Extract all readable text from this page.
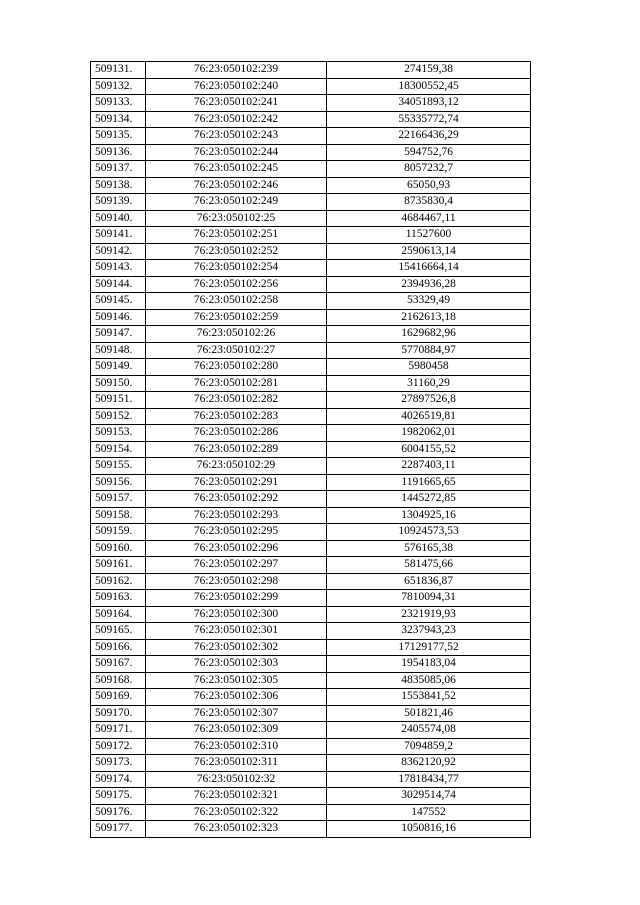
509131.	76:23:050102:239	274159,38
509132.	76:23:050102:240	18300552,45
509133.	76:23:050102:241	34051893,12
509134.	76:23:050102:242	55335772,74
509135.	76:23:050102:243	22166436,29
509136.	76:23:050102:244	594752,76
509137.	76:23:050102:245	8057232,7
509138.	76:23:050102:246	65050,93
509139.	76:23:050102:249	8735830,4
509140.	76:23:050102:25	4684467,11
509141.	76:23:050102:251	11527600
509142.	76:23:050102:252	2590613,14
509143.	76:23:050102:254	15416664,14
509144.	76:23:050102:256	2394936,28
509145.	76:23:050102:258	53329,49
509146.	76:23:050102:259	2162613,18
509147.	76:23:050102:26	1629682,96
509148.	76:23:050102:27	5770884,97
509149.	76:23:050102:280	5980458
509150.	76:23:050102:281	31160,29
509151.	76:23:050102:282	27897526,8
509152.	76:23:050102:283	4026519,81
509153.	76:23:050102:286	1982062,01
509154.	76:23:050102:289	6004155,52
509155.	76:23:050102:29	2287403,11
509156.	76:23:050102:291	1191665,65
509157.	76:23:050102:292	1445272,85
509158.	76:23:050102:293	1304925,16
509159.	76:23:050102:295	10924573,53
509160.	76:23:050102:296	576165,38
509161.	76:23:050102:297	581475,66
509162.	76:23:050102:298	651836,87
509163.	76:23:050102:299	7810094,31
509164.	76:23:050102:300	2321919,93
509165.	76:23:050102:301	3237943,23
509166.	76:23:050102:302	17129177,52
509167.	76:23:050102:303	1954183,04
509168.	76:23:050102:305	4835085,06
509169.	76:23:050102:306	1553841,52
509170.	76:23:050102:307	501821,46
509171.	76:23:050102:309	2405574,08
509172.	76:23:050102:310	7094859,2
509173.	76:23:050102:311	8362120,92
509174.	76:23:050102:32	17818434,77
509175.	76:23:050102:321	3029514,74
509176.	76:23:050102:322	147552
509177.	76:23:050102:323	1050816,16
